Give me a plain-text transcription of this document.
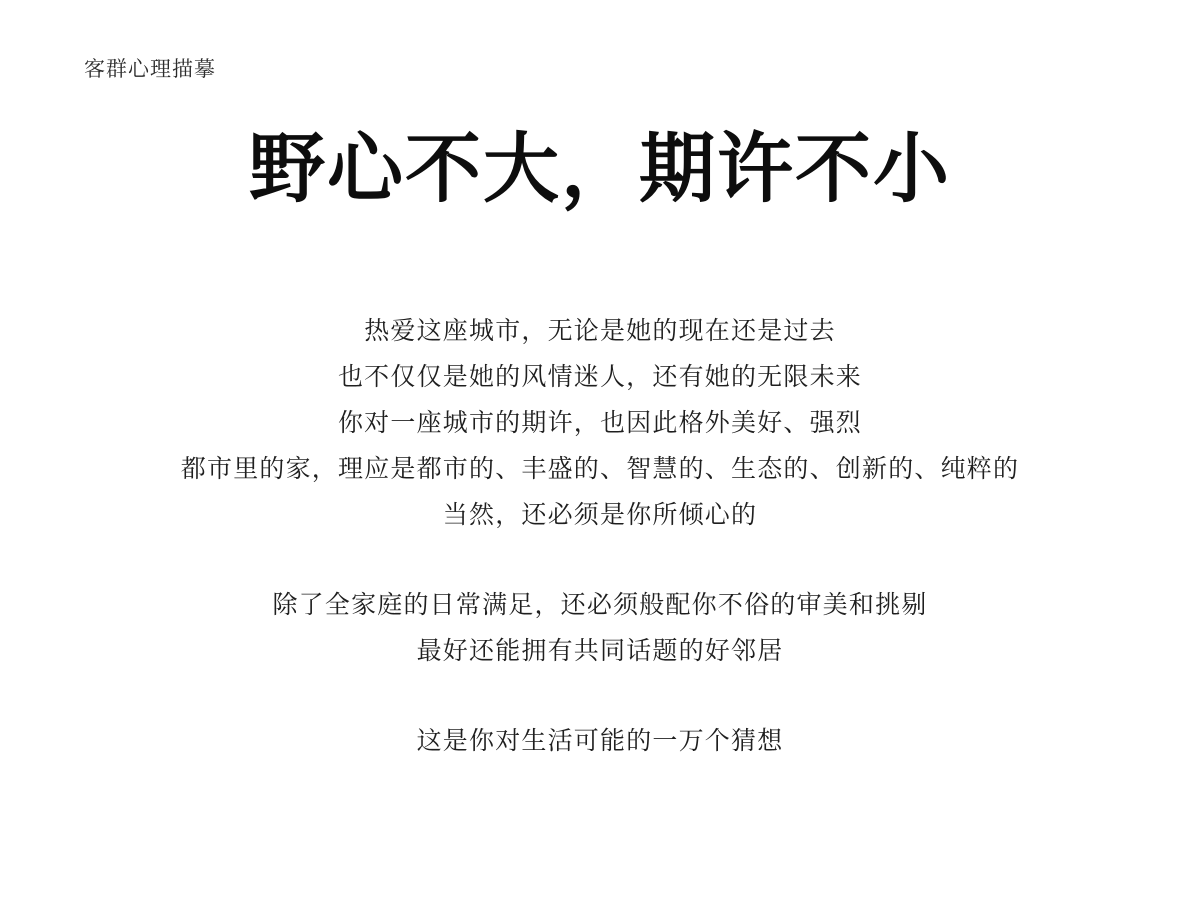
客群心理描摹
野心不大，期许不小
热爱这座城市，无论是她的现在还是过去
也不仅仅是她的风情迷人，还有她的无限未来
你对一座城市的期许，也因此格外美好、强烈
都市里的家，理应是都市的、丰盛的、智慧的、生态的、创新的、纯粹的
当然，还必须是你所倾心的
除了全家庭的日常满足，还必须般配你不俗的审美和挑剔
最好还能拥有共同话题的好邻居
这是你对生活可能的一万个猜想
